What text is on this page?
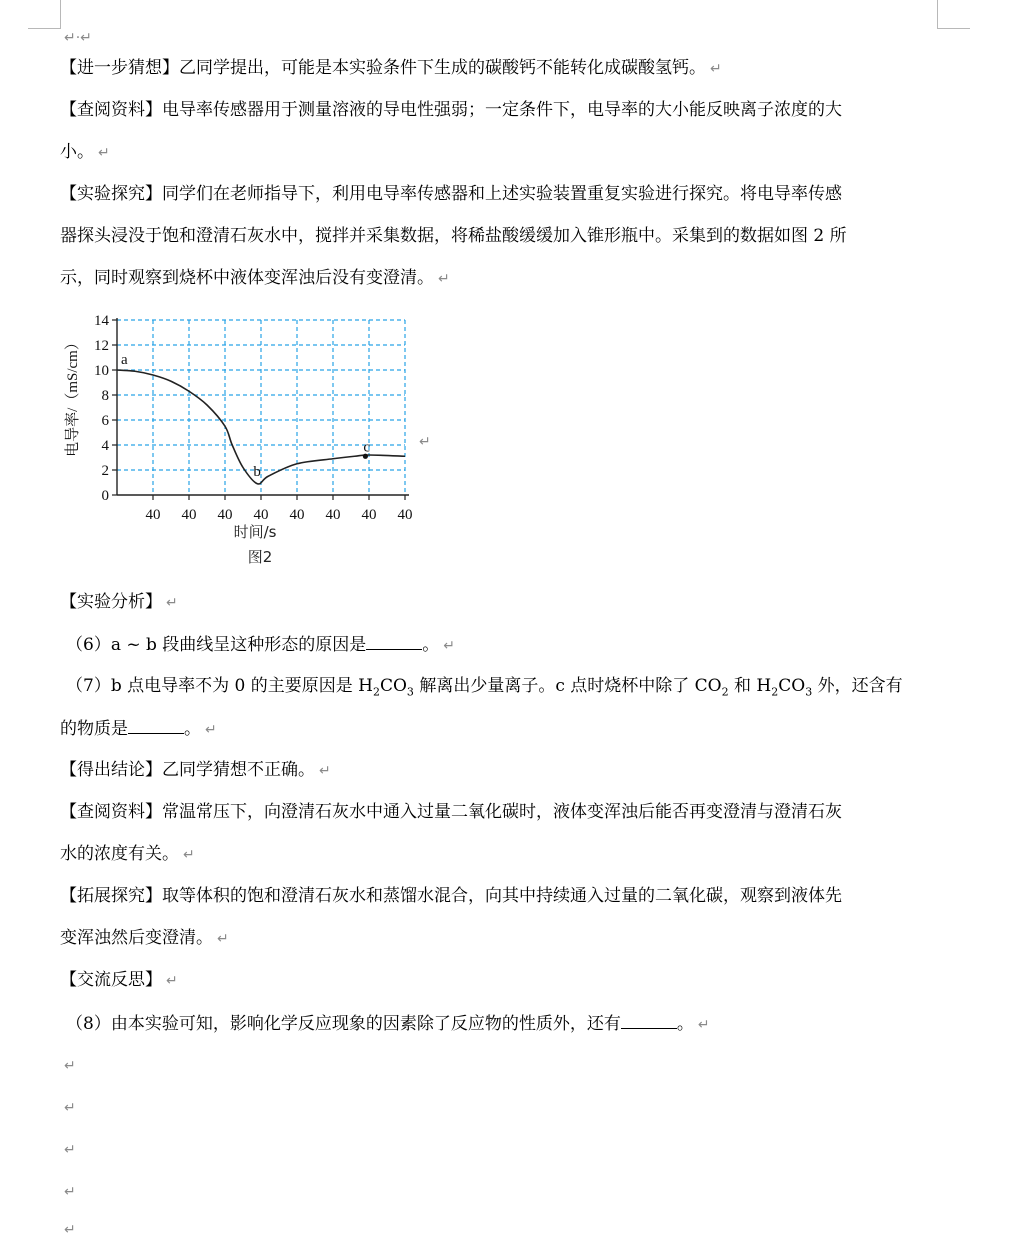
↵·↵
【进一步猜想】乙同学提出，可能是本实验条件下生成的碳酸钙不能转化成碳酸氢钙。 ↵
【查阅资料】电导率传感器用于测量溶液的导电性强弱；一定条件下，电导率的大小能反映离子浓度的大
小。 ↵
【实验探究】同学们在老师指导下，利用电导率传感器和上述实验装置重复实验进行探究。将电导率传感
器探头浸没于饱和澄清石灰水中，搅拌并采集数据，将稀盐酸缓缓加入锥形瓶中。采集到的数据如图 2 所
示，同时观察到烧杯中液体变浑浊后没有变澄清。 ↵
0
2
4
6
8
10
12
14
40 40 40 40 40 40 40 40
a
b
c
电导率/（mS/cm）
时间/s
图2
↵
【实验分析】 ↵
（6）a ~ b 段曲线呈这种形态的原因是	。 ↵
（7）b 点电导率不为 0 的主要原因是 $H_2CO_3$ 解离出少量离子。c 点时烧杯中除了 $CO_2$ 和 $H_2CO_3$ 外，还含有
的物质是	。 ↵
【得出结论】乙同学猜想不正确。 ↵
【查阅资料】常温常压下，向澄清石灰水中通入过量二氧化碳时，液体变浑浊后能否再变澄清与澄清石灰
水的浓度有关。 ↵
【拓展探究】取等体积的饱和澄清石灰水和蒸馏水混合，向其中持续通入过量的二氧化碳，观察到液体先
变浑浊然后变澄清。 ↵
【交流反思】 ↵
（8）由本实验可知，影响化学反应现象的因素除了反应物的性质外，还有	。 ↵
↵
↵
↵
↵
↵
